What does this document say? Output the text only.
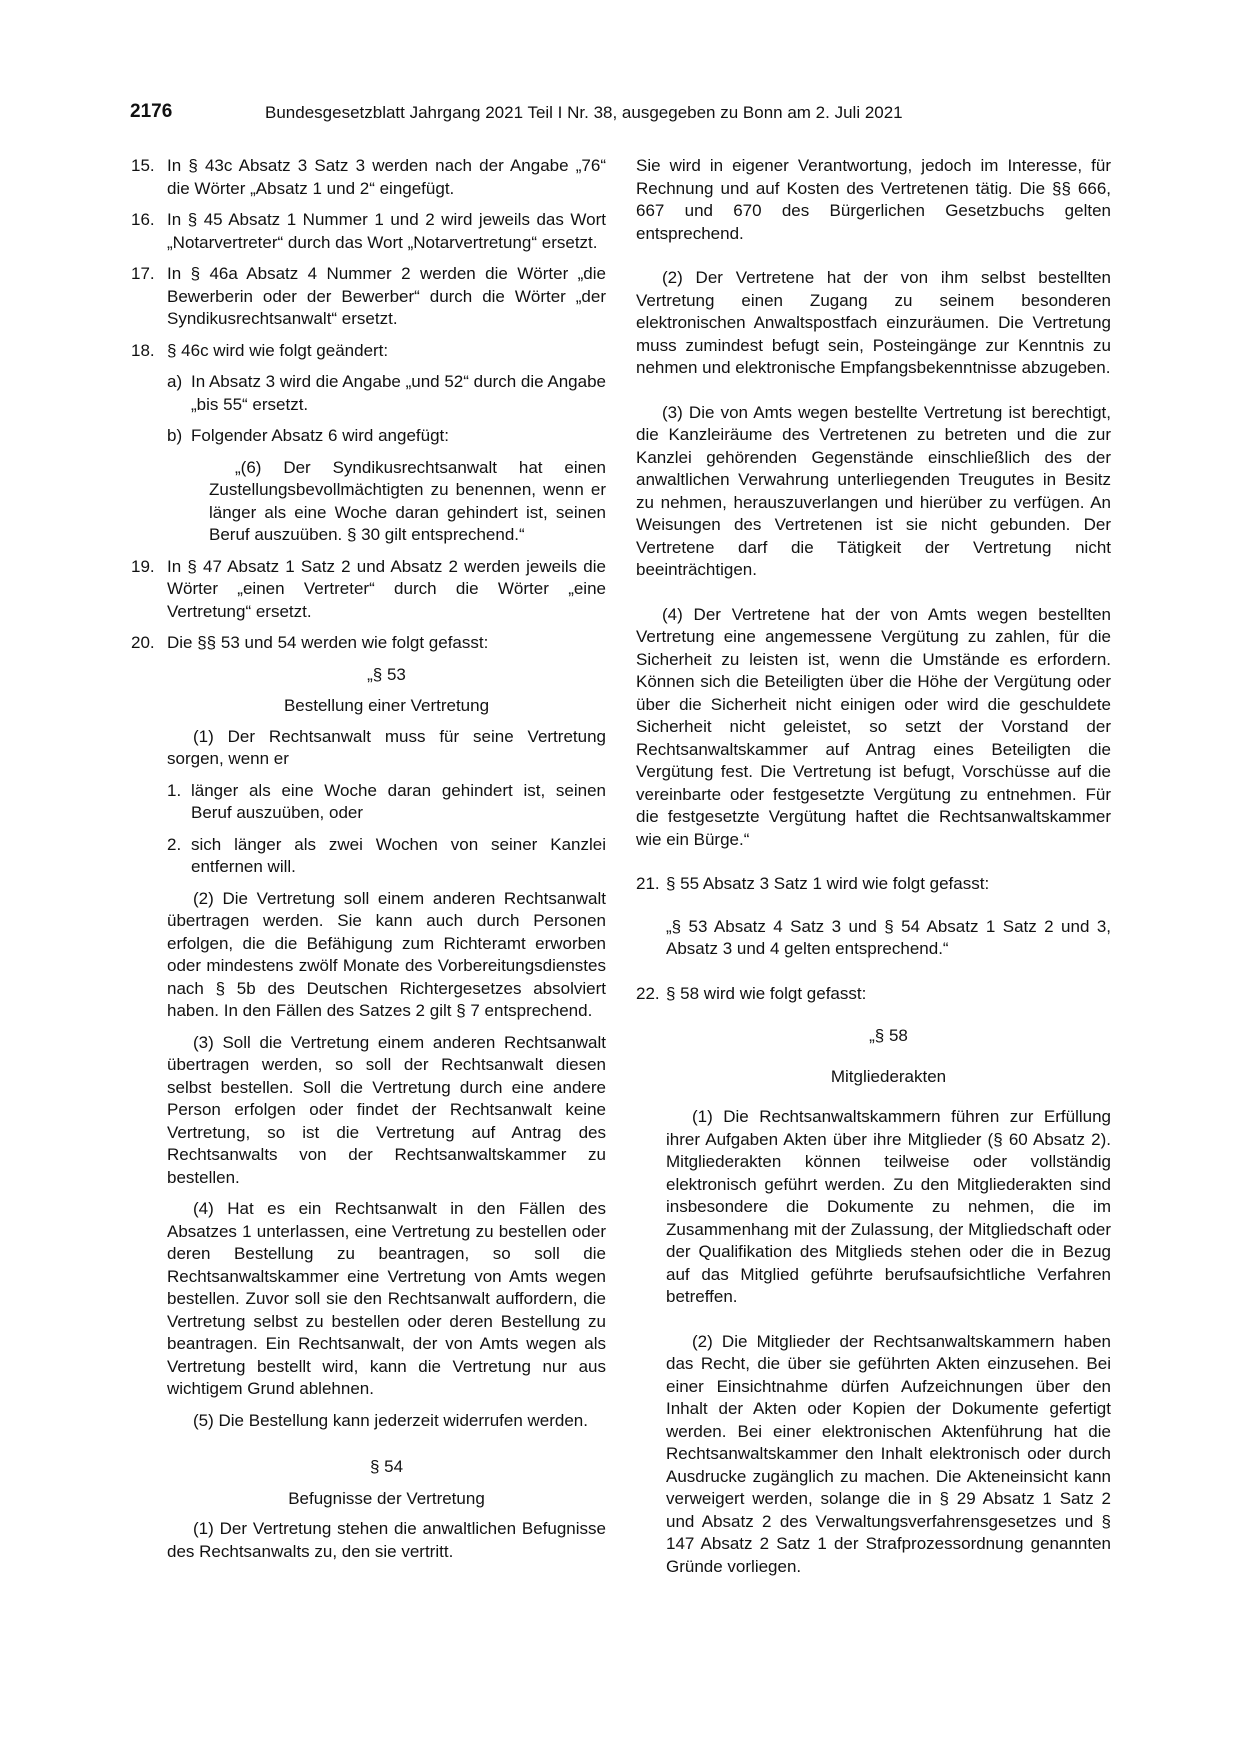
2176	Bundesgesetzblatt Jahrgang 2021 Teil I Nr. 38, ausgegeben zu Bonn am 2. Juli 2021
15. In § 43c Absatz 3 Satz 3 werden nach der Angabe „76“ die Wörter „Absatz 1 und 2“ eingefügt.

16. In § 45 Absatz 1 Nummer 1 und 2 wird jeweils das Wort „Notarvertreter“ durch das Wort „Notarvertretung“ ersetzt.

17. In § 46a Absatz 4 Nummer 2 werden die Wörter „die Bewerberin oder der Bewerber“ durch die Wörter „der Syndikusrechtsanwalt“ ersetzt.

18. § 46c wird wie folgt geändert:

a) In Absatz 3 wird die Angabe „und 52“ durch die Angabe „bis 55“ ersetzt.

b) Folgender Absatz 6 wird angefügt:

„(6) Der Syndikusrechtsanwalt hat einen Zustellungsbevollmächtigten zu benennen, wenn er länger als eine Woche daran gehindert ist, seinen Beruf auszuüben. § 30 gilt entsprechend.“

19. In § 47 Absatz 1 Satz 2 und Absatz 2 werden jeweils die Wörter „einen Vertreter“ durch die Wörter „eine Vertretung“ ersetzt.

20. Die §§ 53 und 54 werden wie folgt gefasst:

„§ 53

Bestellung einer Vertretung

(1) Der Rechtsanwalt muss für seine Vertretung sorgen, wenn er

1. länger als eine Woche daran gehindert ist, seinen Beruf auszuüben, oder

2. sich länger als zwei Wochen von seiner Kanzlei entfernen will.

(2) Die Vertretung soll einem anderen Rechtsanwalt übertragen werden. Sie kann auch durch Personen erfolgen, die die Befähigung zum Richteramt erworben oder mindestens zwölf Monate des Vorbereitungsdienstes nach § 5b des Deutschen Richtergesetzes absolviert haben. In den Fällen des Satzes 2 gilt § 7 entsprechend.

(3) Soll die Vertretung einem anderen Rechtsanwalt übertragen werden, so soll der Rechtsanwalt diesen selbst bestellen. Soll die Vertretung durch eine andere Person erfolgen oder findet der Rechtsanwalt keine Vertretung, so ist die Vertretung auf Antrag des Rechtsanwalts von der Rechtsanwaltskammer zu bestellen.

(4) Hat es ein Rechtsanwalt in den Fällen des Absatzes 1 unterlassen, eine Vertretung zu bestellen oder deren Bestellung zu beantragen, so soll die Rechtsanwaltskammer eine Vertretung von Amts wegen bestellen. Zuvor soll sie den Rechtsanwalt auffordern, die Vertretung selbst zu bestellen oder deren Bestellung zu beantragen. Ein Rechtsanwalt, der von Amts wegen als Vertretung bestellt wird, kann die Vertretung nur aus wichtigem Grund ablehnen.

(5) Die Bestellung kann jederzeit widerrufen werden.

§ 54

Befugnisse der Vertretung

(1) Der Vertretung stehen die anwaltlichen Befugnisse des Rechtsanwalts zu, den sie vertritt.

Sie wird in eigener Verantwortung, jedoch im Interesse, für Rechnung und auf Kosten des Vertretenen tätig. Die §§ 666, 667 und 670 des Bürgerlichen Gesetzbuchs gelten entsprechend.

(2) Der Vertretene hat der von ihm selbst bestellten Vertretung einen Zugang zu seinem besonderen elektronischen Anwaltspostfach einzuräumen. Die Vertretung muss zumindest befugt sein, Posteingänge zur Kenntnis zu nehmen und elektronische Empfangsbekenntnisse abzugeben.

(3) Die von Amts wegen bestellte Vertretung ist berechtigt, die Kanzleiräume des Vertretenen zu betreten und die zur Kanzlei gehörenden Gegenstände einschließlich des der anwaltlichen Verwahrung unterliegenden Treugutes in Besitz zu nehmen, herauszuverlangen und hierüber zu verfügen. An Weisungen des Vertretenen ist sie nicht gebunden. Der Vertretene darf die Tätigkeit der Vertretung nicht beeinträchtigen.

(4) Der Vertretene hat der von Amts wegen bestellten Vertretung eine angemessene Vergütung zu zahlen, für die Sicherheit zu leisten ist, wenn die Umstände es erfordern. Können sich die Beteiligten über die Höhe der Vergütung oder über die Sicherheit nicht einigen oder wird die geschuldete Sicherheit nicht geleistet, so setzt der Vorstand der Rechtsanwaltskammer auf Antrag eines Beteiligten die Vergütung fest. Die Vertretung ist befugt, Vorschüsse auf die vereinbarte oder festgesetzte Vergütung zu entnehmen. Für die festgesetzte Vergütung haftet die Rechtsanwaltskammer wie ein Bürge.“

21. § 55 Absatz 3 Satz 1 wird wie folgt gefasst:

„§ 53 Absatz 4 Satz 3 und § 54 Absatz 1 Satz 2 und 3, Absatz 3 und 4 gelten entsprechend.“

22. § 58 wird wie folgt gefasst:

„§ 58

Mitgliederakten

(1) Die Rechtsanwaltskammern führen zur Erfüllung ihrer Aufgaben Akten über ihre Mitglieder (§ 60 Absatz 2). Mitgliederakten können teilweise oder vollständig elektronisch geführt werden. Zu den Mitgliederakten sind insbesondere die Dokumente zu nehmen, die im Zusammenhang mit der Zulassung, der Mitgliedschaft oder der Qualifikation des Mitglieds stehen oder die in Bezug auf das Mitglied geführte berufsaufsichtliche Verfahren betreffen.

(2) Die Mitglieder der Rechtsanwaltskammern haben das Recht, die über sie geführten Akten einzusehen. Bei einer Einsichtnahme dürfen Aufzeichnungen über den Inhalt der Akten oder Kopien der Dokumente gefertigt werden. Bei einer elektronischen Aktenführung hat die Rechtsanwaltskammer den Inhalt elektronisch oder durch Ausdrucke zugänglich zu machen. Die Akteneinsicht kann verweigert werden, solange die in § 29 Absatz 1 Satz 2 und Absatz 2 des Verwaltungsverfahrensgesetzes und § 147 Absatz 2 Satz 1 der Strafprozessordnung genannten Gründe vorliegen.
